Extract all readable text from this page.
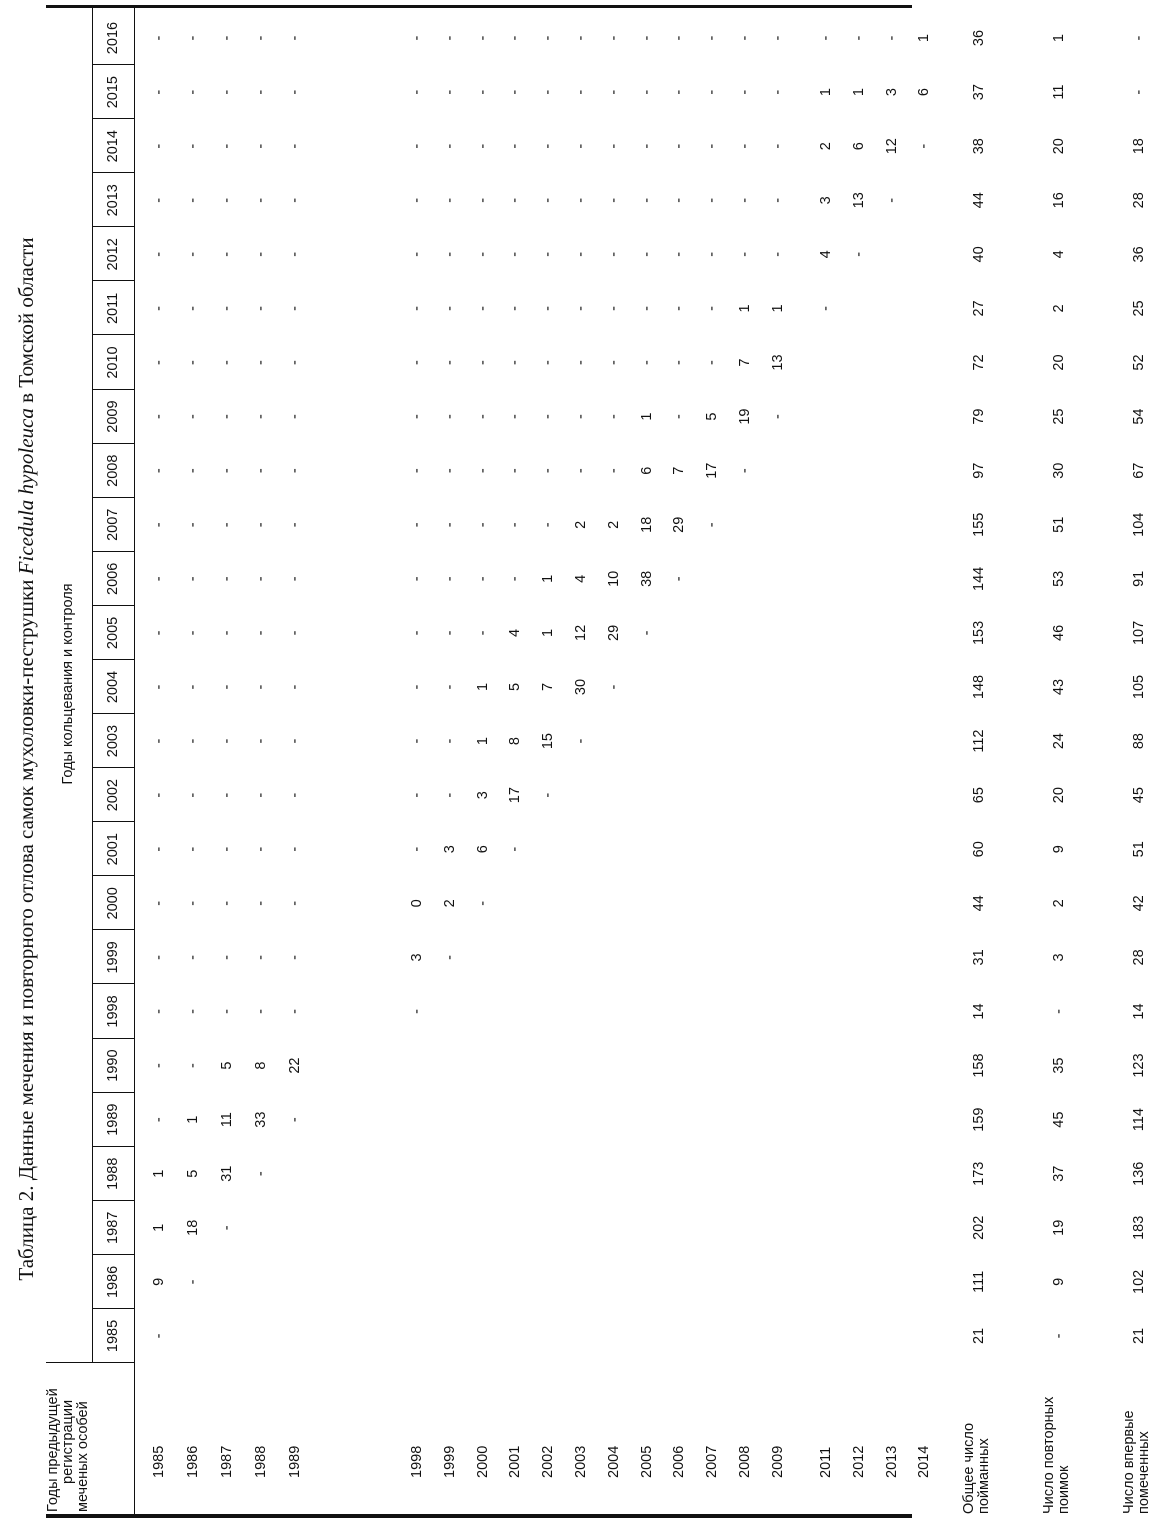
Таблица 2. Данные мечения и повторного отлова самок мухоловки-пеструшки Ficedula hypoleuca в Томской области
Годы предыдущей регистрации меченых особей
Годы кольцевания и контроля
1985
1986
1987
1988
1989
1990
1998
1999
2000
2001
2002
2003
2004
2005
2006
2007
2008
2009
2010
2011
2012
2013
2014
2015
2016
1985
-
9
1
1
-
-
-
-
-
-
-
-
-
-
-
-
-
-
-
-
-
-
-
-
-
1986
-
18
5
1
-
-
-
-
-
-
-
-
-
-
-
-
-
-
-
-
-
-
-
-
1987
-
31
11
5
-
-
-
-
-
-
-
-
-
-
-
-
-
-
-
-
-
-
-
1988
-
33
8
-
-
-
-
-
-
-
-
-
-
-
-
-
-
-
-
-
-
-
1989
-
22
-
-
-
-
-
-
-
-
-
-
-
-
-
-
-
-
-
-
-
1998
-
3
0
-
-
-
-
-
-
-
-
-
-
-
-
-
-
-
-
1999
-
2
3
-
-
-
-
-
-
-
-
-
-
-
-
-
-
-
2000
-
6
3
1
1
-
-
-
-
-
-
-
-
-
-
-
-
2001
-
17
8
5
4
-
-
-
-
-
-
-
-
-
-
-
2002
-
15
7
1
1
-
-
-
-
-
-
-
-
-
-
2003
-
30
12
4
2
-
-
-
-
-
-
-
-
-
2004
-
29
10
2
-
-
-
-
-
-
-
-
-
2005
-
38
18
6
1
-
-
-
-
-
-
-
2006
-
29
7
-
-
-
-
-
-
-
-
2007
-
17
5
-
-
-
-
-
-
-
2008
-
19
7
1
-
-
-
-
-
2009
-
13
1
-
-
-
-
-
2011
-
4
3
2
1
-
2012
-
13
6
1
-
2013
-
12
3
-
2014
-
6
1
Общее число пойманных
21
111
202
173
159
158
14
31
44
60
65
112
148
153
144
155
97
79
72
27
40
44
38
37
36
Число повторных поимок
-
9
19
37
45
35
-
3
2
9
20
24
43
46
53
51
30
25
20
2
4
16
20
11
1
Число впервые помеченных
21
102
183
136
114
123
14
28
42
51
45
88
105
107
91
104
67
54
52
25
36
28
18
-
-
